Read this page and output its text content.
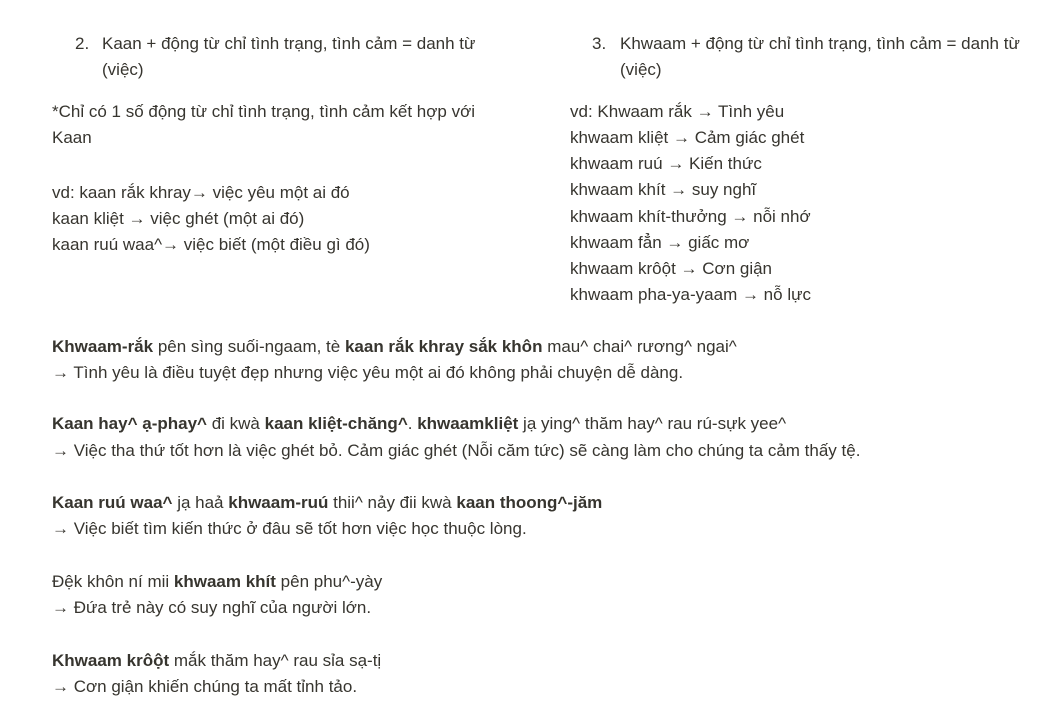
2. Kaan + động từ chỉ tình trạng, tình cảm = danh từ
(việc)
*Chỉ có 1 số động từ chỉ tình trạng, tình cảm kết hợp với
Kaan
vd: kaan rắk khray→ việc yêu một ai đó
kaan kliệt → việc ghét (một ai đó)
kaan ruú waa^→ việc biết (một điều gì đó)
3. Khwaam + động từ chỉ tình trạng, tình cảm = danh từ
(việc)
vd: Khwaam rắk → Tình yêu
khwaam kliệt → Cảm giác ghét
khwaam ruú → Kiến thức
khwaam khít → suy nghĩ
khwaam khít-thưởng → nỗi nhớ
khwaam fẳn → giấc mơ
khwaam krôột → Cơn giận
khwaam pha-ya-yaam → nỗ lực
Khwaam-rắk pên sìng suối-ngaam, tè kaan rắk khray sắk khôn mau^ chai^ rương^ ngai^
→ Tình yêu là điều tuyệt đẹp nhưng việc yêu một ai đó không phải chuyện dễ dàng.
Kaan hay^ ạ-phay^ đi kwà kaan kliệt-chăng^. khwaamkliệt jạ ying^ thăm hay^ rau rú-sựk yee^
→ Việc tha thứ tốt hơn là việc ghét bỏ. Cảm giác ghét (Nỗi căm tức) sẽ càng làm cho chúng ta cảm thấy tệ.
Kaan ruú waa^ jạ haả khwaam-ruú thii^ nảy đii kwà kaan thoong^-jăm
→ Việc biết tìm kiến thức ở đâu sẽ tốt hơn việc học thuộc lòng.
Đệk khôn ní mii khwaam khít pên phu^-yày
→ Đứa trẻ này có suy nghĩ của người lớn.
Khwaam krôột mắk thăm hay^ rau sỉa sạ-tị
→ Cơn giận khiến chúng ta mất tỉnh tảo.
